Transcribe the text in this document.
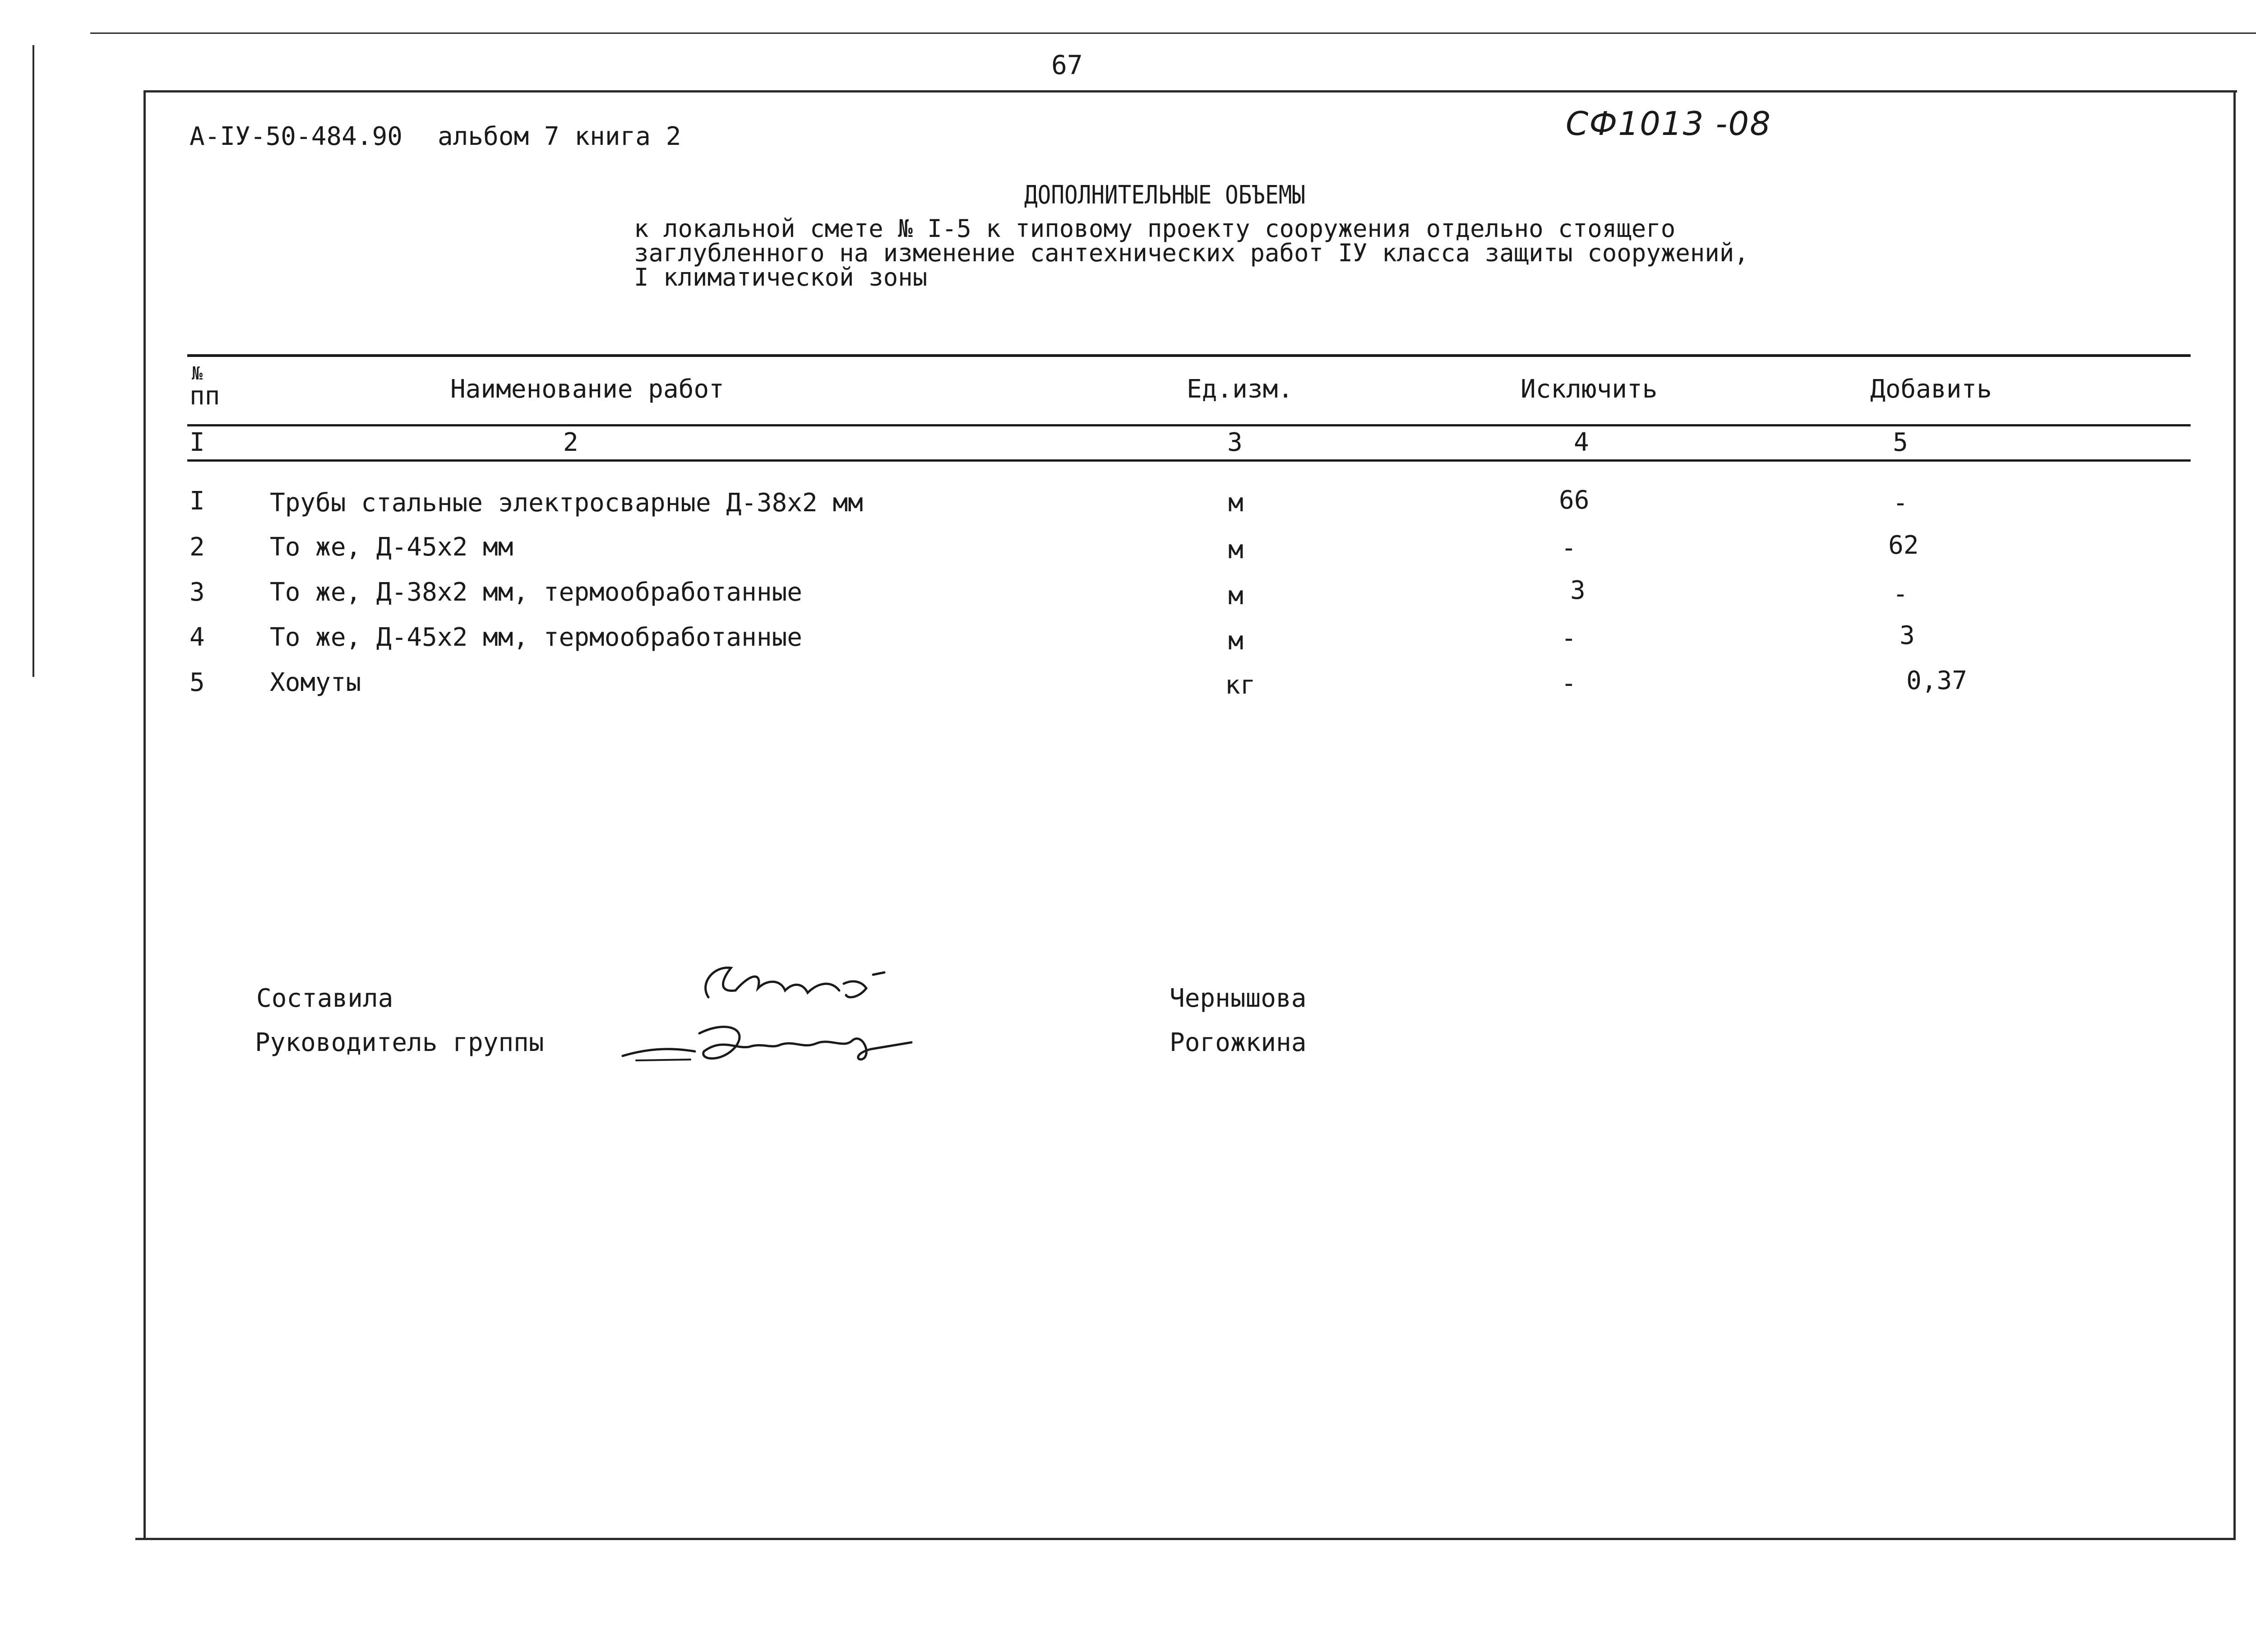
67
А-IУ-50-484.90 альбом 7 книга 2	СФ1013 -08
ДОПОЛНИТЕЛЬНЫЕ ОБЪЕМЫ
к локальной смете № I-5 к типовому проекту сооружения отдельно стоящего
заглубленного на изменение сантехнических работ IУ класса защиты сооружений,
I климатической зоны
№
пп	Наименование работ	Ед.изм.	Исключить	Добавить
I	2	3	4	5
I	Трубы стальные электросварные Д-38х2 мм	м	66	-
2	То же, Д-45х2 мм	м	-	62
3	То же, Д-38х2 мм, термообработанные	м	3	-
4	То же, Д-45х2 мм, термообработанные	м	-	3
5	Хомуты	кг	-	0,37
Составила
Руководитель группы
Чернышова
Рогожкина
